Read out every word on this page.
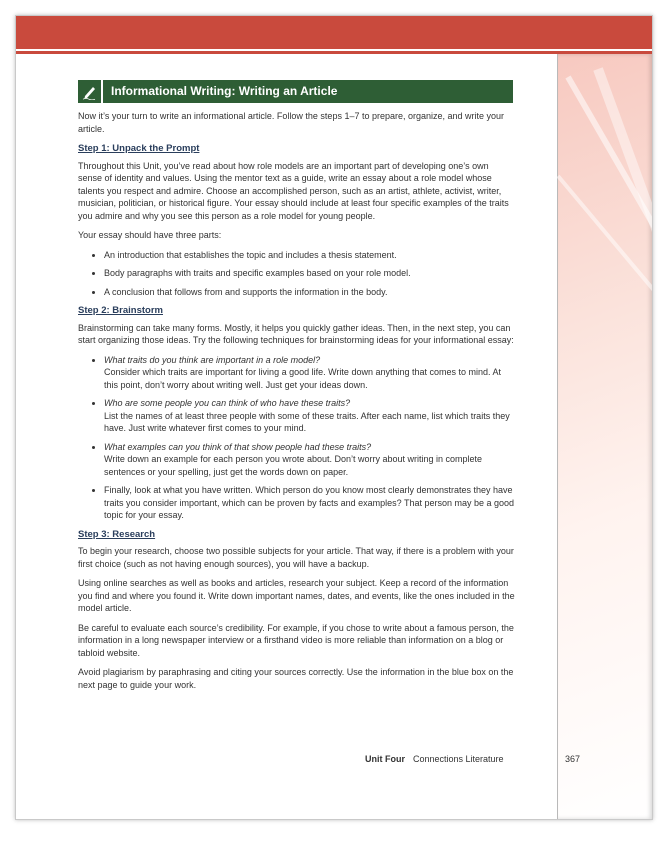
Informational Writing: Writing an Article

Now it’s your turn to write an informational article. Follow the steps 1–7 to prepare, organize, and write your article.

Step 1: Unpack the Prompt

Throughout this Unit, you’ve read about how role models are an important part of developing one’s own sense of identity and values. Using the mentor text as a guide, write an essay about a role model whose talents you respect and admire. Choose an accomplished person, such as an artist, athlete, activist, writer, musician, politician, or historical figure. Your essay should include at least four specific examples of the traits you admire and why you see this person as a role model for young people.

Your essay should have three parts:

• An introduction that establishes the topic and includes a thesis statement.
• Body paragraphs with traits and specific examples based on your role model.
• A conclusion that follows from and supports the information in the body.
Step 2: Brainstorm

Brainstorming can take many forms. Mostly, it helps you quickly gather ideas. Then, in the next step, you can start organizing those ideas. Try the following techniques for brainstorming ideas for your informational essay:

• What traits do you think are important in a role model?
Consider which traits are important for living a good life. Write down anything that comes to mind. At this point, don’t worry about writing well. Just get your ideas down.
• Who are some people you can think of who have these traits?
List the names of at least three people with some of these traits. After each name, list which traits they have. Just write whatever first comes to your mind.
• What examples can you think of that show people had these traits?
Write down an example for each person you wrote about. Don’t worry about writing in complete sentences or your spelling, just get the words down on paper.
• Finally, look at what you have written. Which person do you know most clearly demonstrates they have traits you consider important, which can be proven by facts and examples? That person may be a good topic for your essay.
Step 3: Research

To begin your research, choose two possible subjects for your article. That way, if there is a problem with your first choice (such as not having enough sources), you will have a backup.

Using online searches as well as books and articles, research your subject. Keep a record of the information you find and where you found it. Write down important names, dates, and events, like the ones included in the model article.

Be careful to evaluate each source’s credibility. For example, if you chose to write about a famous person, the information in a long newspaper interview or a firsthand video is more reliable than information on a blog or tabloid website.

Avoid plagiarism by paraphrasing and citing your sources correctly. Use the information in the blue box on the next page to guide your work.

Unit Four Connections Literature	367
